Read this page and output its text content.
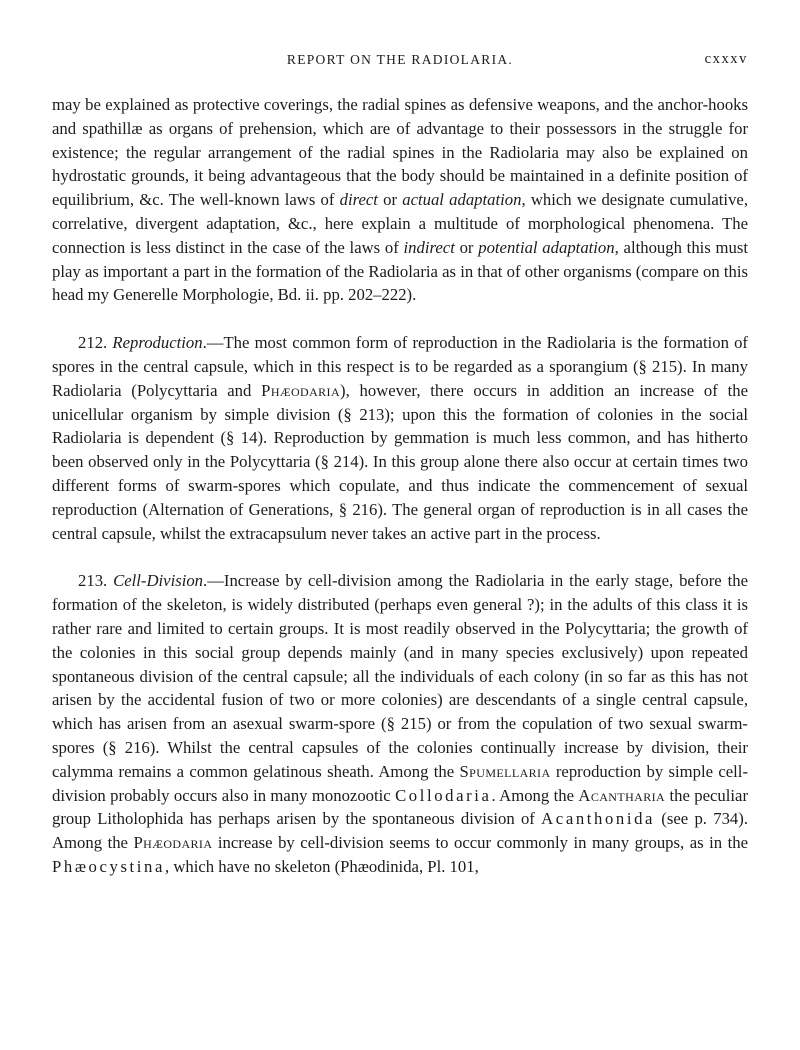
REPORT ON THE RADIOLARIA.	cxxxv

may be explained as protective coverings, the radial spines as defensive weapons, and the anchor-hooks and spathillæ as organs of prehension, which are of advantage to their possessors in the struggle for existence; the regular arrangement of the radial spines in the Radiolaria may also be explained on hydrostatic grounds, it being advantageous that the body should be maintained in a definite position of equilibrium, &c. The well-known laws of direct or actual adaptation, which we designate cumulative, correlative, divergent adaptation, &c., here explain a multitude of morphological phenomena. The connection is less distinct in the case of the laws of indirect or potential adaptation, although this must play as important a part in the formation of the Radiolaria as in that of other organisms (compare on this head my Generelle Morphologie, Bd. ii. pp. 202–222).

212. Reproduction.—The most common form of reproduction in the Radiolaria is the formation of spores in the central capsule, which in this respect is to be regarded as a sporangium (§ 215). In many Radiolaria (Polycyttaria and Phæodaria), however, there occurs in addition an increase of the unicellular organism by simple division (§ 213); upon this the formation of colonies in the social Radiolaria is dependent (§ 14). Reproduction by gemmation is much less common, and has hitherto been observed only in the Polycyttaria (§ 214). In this group alone there also occur at certain times two different forms of swarm-spores which copulate, and thus indicate the commencement of sexual reproduction (Alternation of Generations, § 216). The general organ of reproduction is in all cases the central capsule, whilst the extracapsulum never takes an active part in the process.

213. Cell-Division.—Increase by cell-division among the Radiolaria in the early stage, before the formation of the skeleton, is widely distributed (perhaps even general ?); in the adults of this class it is rather rare and limited to certain groups. It is most readily observed in the Polycyttaria; the growth of the colonies in this social group depends mainly (and in many species exclusively) upon repeated spontaneous division of the central capsule; all the individuals of each colony (in so far as this has not arisen by the accidental fusion of two or more colonies) are descendants of a single central capsule, which has arisen from an asexual swarm-spore (§ 215) or from the copulation of two sexual swarm-spores (§ 216). Whilst the central capsules of the colonies continually increase by division, their calymma remains a common gelatinous sheath. Among the Spumellaria reproduction by simple cell-division probably occurs also in many monozootic Collodaria. Among the Acantharia the peculiar group Litholophida has perhaps arisen by the spontaneous division of Acanthonida (see p. 734). Among the Phæodaria increase by cell-division seems to occur commonly in many groups, as in the Phæocystina, which have no skeleton (Phæodinida, Pl. 101,
